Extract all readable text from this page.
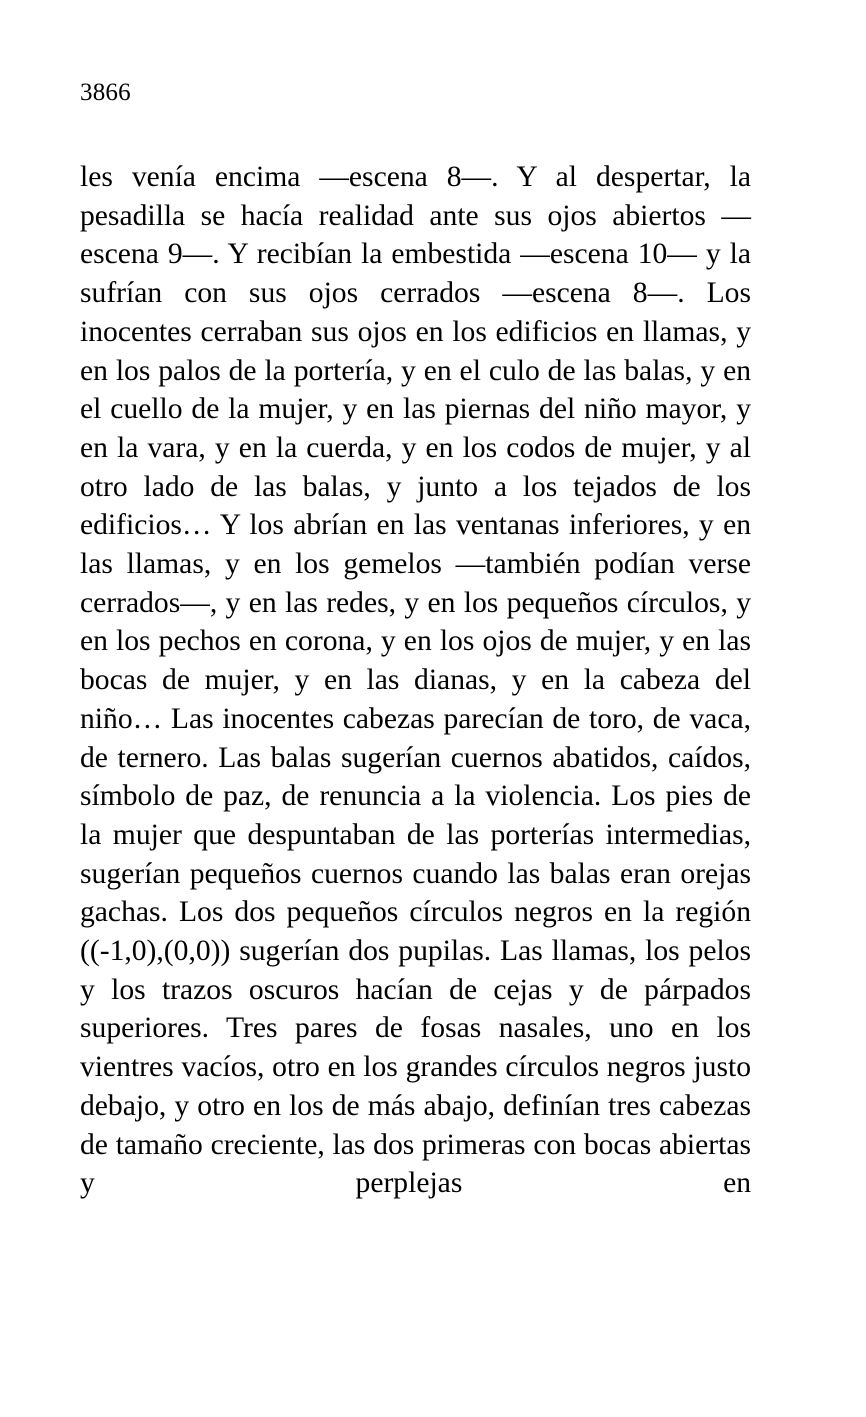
3866

les venía encima —escena 8—. Y al despertar, la pesadilla se hacía realidad ante sus ojos abiertos —escena 9—. Y recibían la embestida —escena 10— y la sufrían con sus ojos cerrados —escena 8—. Los inocentes cerraban sus ojos en los edificios en llamas, y en los palos de la portería, y en el culo de las balas, y en el cuello de la mujer, y en las piernas del niño mayor, y en la vara, y en la cuerda, y en los codos de mujer, y al otro lado de las balas, y junto a los tejados de los edificios… Y los abrían en las ventanas inferiores, y en las llamas, y en los gemelos —también podían verse cerrados—, y en las redes, y en los pequeños círculos, y en los pechos en corona, y en los ojos de mujer, y en las bocas de mujer, y en las dianas, y en la cabeza del niño… Las inocentes cabezas parecían de toro, de vaca, de ternero. Las balas sugerían cuernos abatidos, caídos, símbolo de paz, de renuncia a la violencia. Los pies de la mujer que despuntaban de las porterías intermedias, sugerían pequeños cuernos cuando las balas eran orejas gachas. Los dos pequeños círculos negros en la región ((-1,0),(0,0)) sugerían dos pupilas. Las llamas, los pelos y los trazos oscuros hacían de cejas y de párpados superiores. Tres pares de fosas nasales, uno en los vientres vacíos, otro en los grandes círculos negros justo debajo, y otro en los de más abajo, definían tres cabezas de tamaño creciente, las dos primeras con bocas abiertas y perplejas en
